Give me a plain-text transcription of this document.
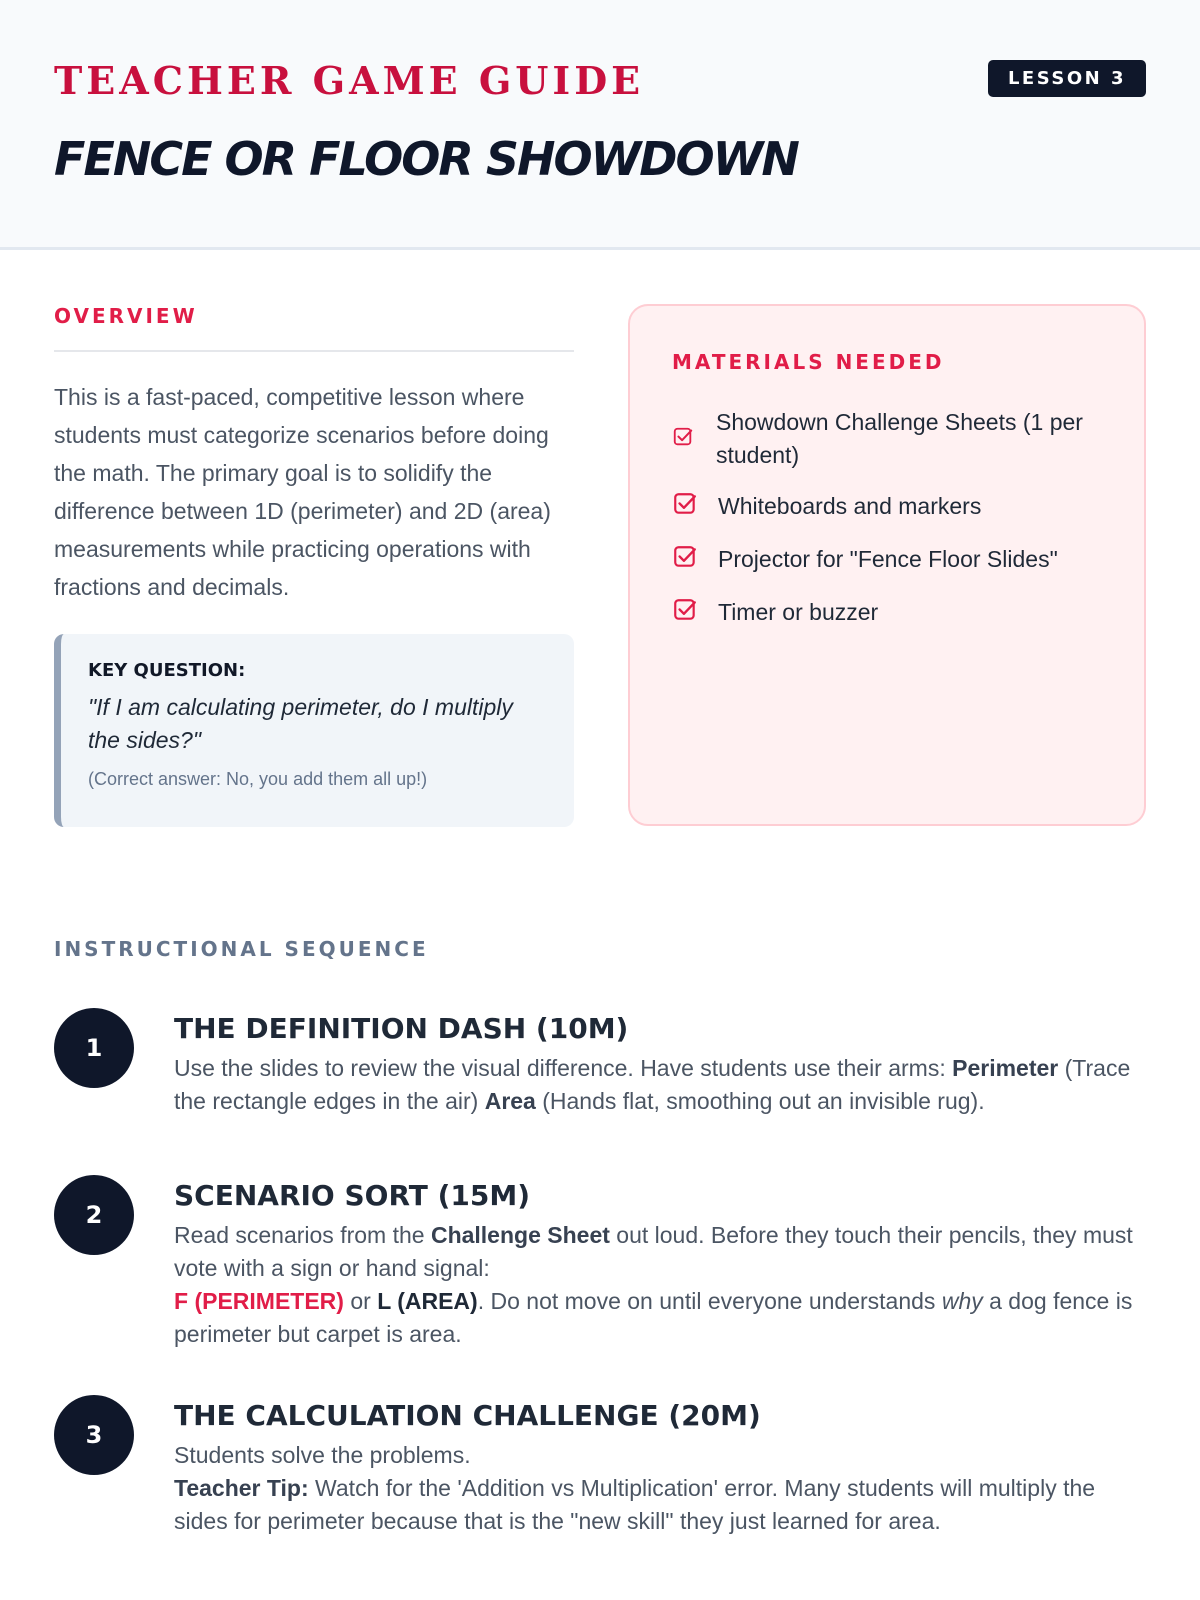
TEACHER GAME GUIDE	LESSON 3
FENCE OR FLOOR SHOWDOWN
OVERVIEW
This is a fast-paced, competitive lesson where students must categorize scenarios before doing the math. The primary goal is to solidify the difference between 1D (perimeter) and 2D (area) measurements while practicing operations with fractions and decimals.
KEY QUESTION:
"If I am calculating perimeter, do I multiply the sides?"
(Correct answer: No, you add them all up!)
MATERIALS NEEDED
Showdown Challenge Sheets (1 per student)
Whiteboards and markers
Projector for "Fence Floor Slides"
Timer or buzzer
INSTRUCTIONAL SEQUENCE
1
THE DEFINITION DASH (10M)
Use the slides to review the visual difference. Have students use their arms: Perimeter (Trace the rectangle edges in the air) Area (Hands flat, smoothing out an invisible rug).
2
SCENARIO SORT (15M)
Read scenarios from the Challenge Sheet out loud. Before they touch their pencils, they must vote with a sign or hand signal:
F (PERIMETER) or L (AREA). Do not move on until everyone understands why a dog fence is perimeter but carpet is area.
3
THE CALCULATION CHALLENGE (20M)
Students solve the problems.
Teacher Tip: Watch for the 'Addition vs Multiplication' error. Many students will multiply the sides for perimeter because that is the "new skill" they just learned for area.
